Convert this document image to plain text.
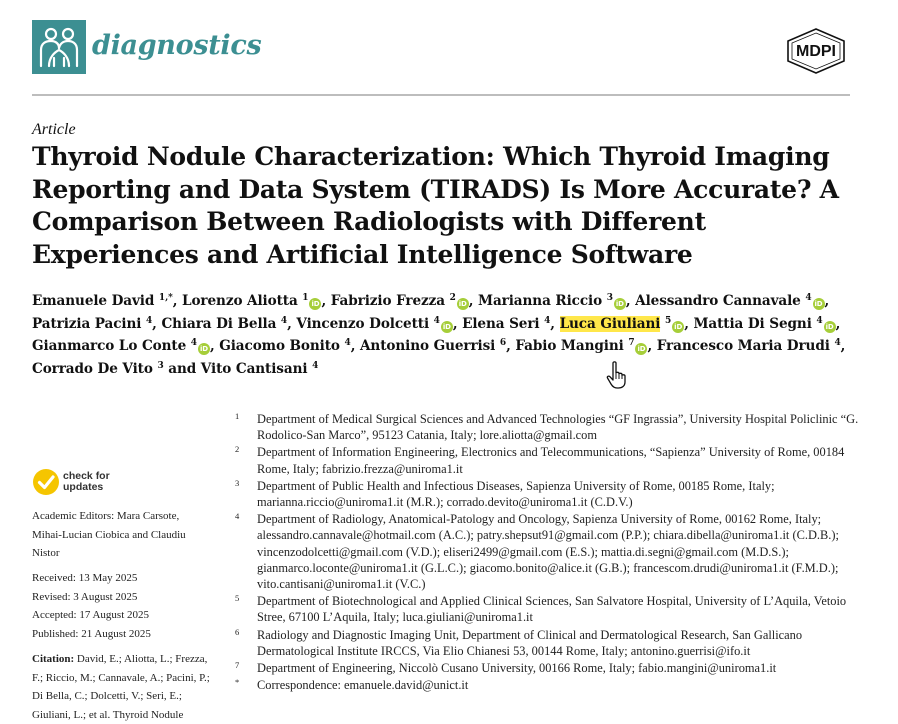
diagnostics	MDPI
Article
Thyroid Nodule Characterization: Which Thyroid Imaging Reporting and Data System (TIRADS) Is More Accurate? A Comparison Between Radiologists with Different Experiences and Artificial Intelligence Software
Emanuele David $^{1,*}$, Lorenzo Aliotta $^1$iD , Fabrizio Frezza $^2$iD , Marianna Riccio $^3$iD , Alessandro Cannavale $^4$iD , Patrizia Pacini $^4$, Chiara Di Bella $^4$, Vincenzo Dolcetti $^4$iD , Elena Seri $^4$, Luca Giuliani $^5$iD , Mattia Di Segni $^4$iD , Gianmarco Lo Conte $^4$iD , Giacomo Bonito $^4$, Antonino Guerrisi $^6$, Fabio Mangini $^7$iD , Francesco Maria Drudi $^4$, Corrado De Vito $^3$ and Vito Cantisani $^4$
check for
updates
Academic Editors: Mara Carsote, Mihai-Lucian Ciobica and Claudiu Nistor
Received: 13 May 2025
Revised: 3 August 2025
Accepted: 17 August 2025
Published: 21 August 2025
Citation: David, E.; Aliotta, L.; Frezza, F.; Riccio, M.; Cannavale, A.; Pacini, P.; Di Bella, C.; Dolcetti, V.; Seri, E.; Giuliani, L.; et al. Thyroid Nodule
1 Department of Medical Surgical Sciences and Advanced Technologies “GF Ingrassia”, University Hospital Policlinic “G. Rodolico-San Marco”, 95123 Catania, Italy; lore.aliotta@gmail.com
2 Department of Information Engineering, Electronics and Telecommunications, “Sapienza” University of Rome, 00184 Rome, Italy; fabrizio.frezza@uniroma1.it
3 Department of Public Health and Infectious Diseases, Sapienza University of Rome, 00185 Rome, Italy; marianna.riccio@uniroma1.it (M.R.); corrado.devito@uniroma1.it (C.D.V.)
4 Department of Radiology, Anatomical-Patology and Oncology, Sapienza University of Rome, 00162 Rome, Italy; alessandro.cannavale@hotmail.com (A.C.); patry.shepsut91@gmail.com (P.P.); chiara.dibella@uniroma1.it (C.D.B.); vincenzodolcetti@gmail.com (V.D.); eliseri2499@gmail.com (E.S.); mattia.di.segni@gmail.com (M.D.S.); gianmarco.loconte@uniroma1.it (G.L.C.); giacomo.bonito@alice.it (G.B.); francescom.drudi@uniroma1.it (F.M.D.); vito.cantisani@uniroma1.it (V.C.)
5 Department of Biotechnological and Applied Clinical Sciences, San Salvatore Hospital, University of L’Aquila, Vetoio Stree, 67100 L’Aquila, Italy; luca.giuliani@uniroma1.it
6 Radiology and Diagnostic Imaging Unit, Department of Clinical and Dermatological Research, San Gallicano Dermatological Institute IRCCS, Via Elio Chianesi 53, 00144 Rome, Italy; antonino.guerrisi@ifo.it
7 Department of Engineering, Niccolò Cusano University, 00166 Rome, Italy; fabio.mangini@uniroma1.it
* Correspondence: emanuele.david@unict.it
